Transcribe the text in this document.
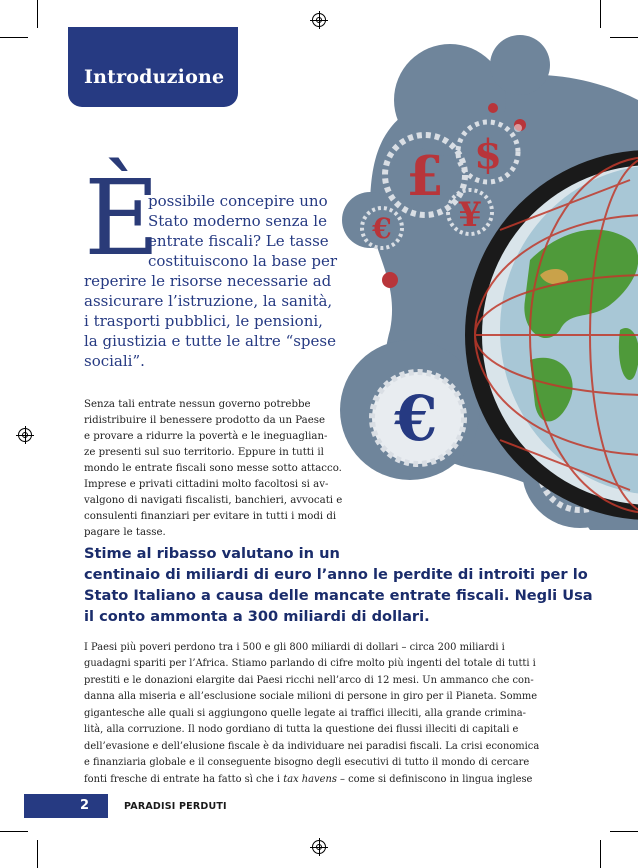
Introduzione
£ $
€ ¥
€
È
possibile concepire uno
Stato moderno senza le
entrate fiscali? Le tasse
costituiscono la base per
reperire le risorse necessarie ad
assicurare l’istruzione, la sanità,
i trasporti pubblici, le pensioni,
la giustizia e tutte le altre “spese
sociali”.
Senza tali entrate nessun governo potrebbe
ridistribuire il benessere prodotto da un Paese
e provare a ridurre la povertà e le ineguaglian-
ze presenti sul suo territorio. Eppure in tutti il
mondo le entrate fiscali sono messe sotto attacco.
Imprese e privati cittadini molto facoltosi si av-
valgono di navigati fiscalisti, banchieri, avvocati e
consulenti finanziari per evitare in tutti i modi di
pagare le tasse.
Stime al ribasso valutano in un
centinaio di miliardi di euro l’anno le perdite di introiti per lo
Stato Italiano a causa delle mancate entrate fiscali. Negli Usa
il conto ammonta a 300 miliardi di dollari.
I Paesi più poveri perdono tra i 500 e gli 800 miliardi di dollari – circa 200 miliardi i
guadagni spariti per l’Africa. Stiamo parlando di cifre molto più ingenti del totale di tutti i
prestiti e le donazioni elargite dai Paesi ricchi nell’arco di 12 mesi. Un ammanco che con-
danna alla miseria e all’esclusione sociale milioni di persone in giro per il Pianeta. Somme
gigantesche alle quali si aggiungono quelle legate ai traffici illeciti, alla grande crimina-
lità, alla corruzione. Il nodo gordiano di tutta la questione dei flussi illeciti di capitali e
dell’evasione e dell’elusione fiscale è da individuare nei paradisi fiscali. La crisi economica
e finanziaria globale e il conseguente bisogno degli esecutivi di tutto il mondo di cercare
fonti fresche di entrate ha fatto sì che i tax havens – come si definiscono in lingua inglese
2	PARADISI PERDUTI
